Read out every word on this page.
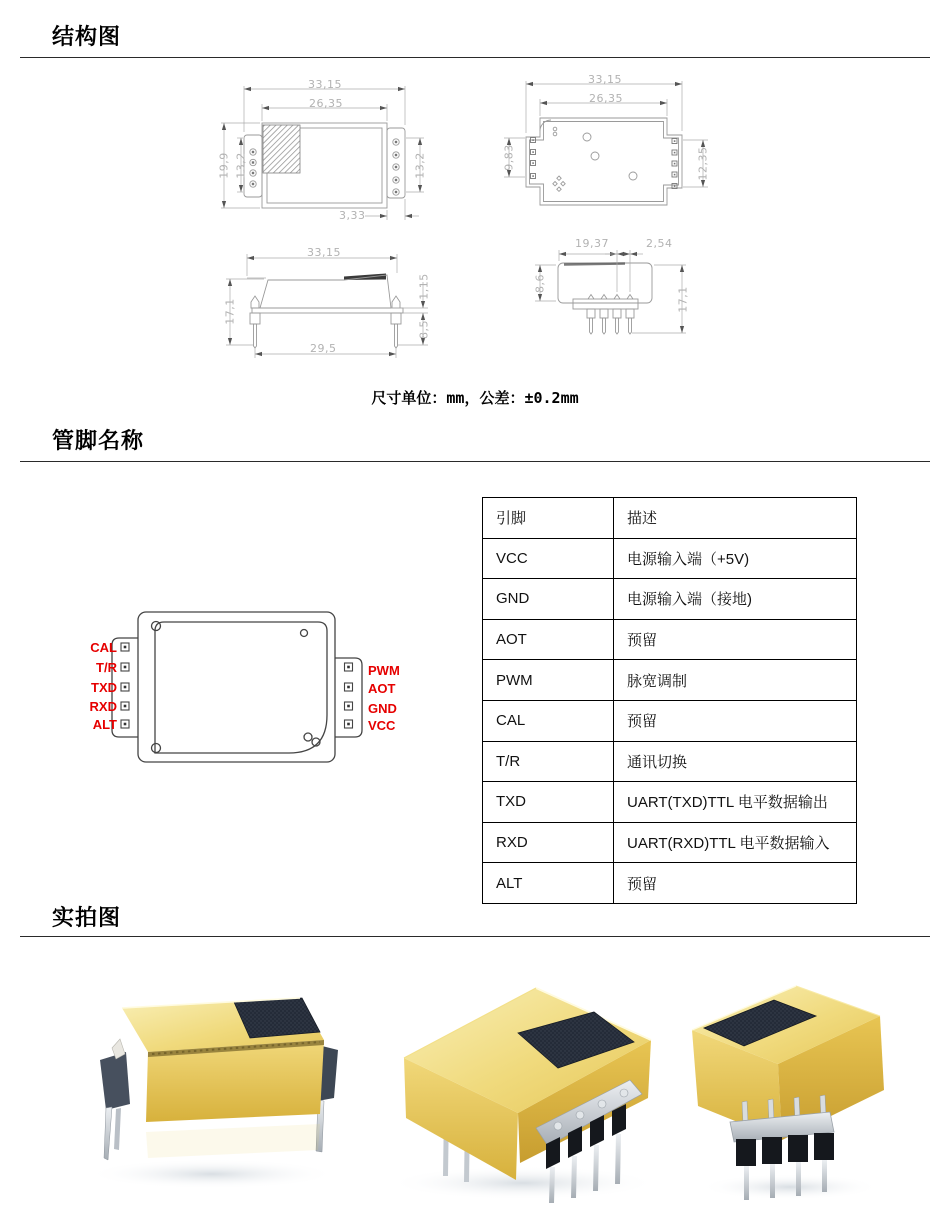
结构图
33,15
26,35
19,9 13,2	13,2
3,33
33,15
26,35
9,83	12,35
33,15
17,1
1,15
8,5
29,5
19,37	2,54
8,6
17,1
尺寸单位：mm，公差：±0.2mm
管脚名称
CAL
T/R
TXD
RXD
ALT
PWM
AOT
GND
VCC
引脚	描述
VCC	电源输入端（+5V)
GND	电源输入端（接地)
AOT	预留
PWM	脉宽调制
CAL	预留
T/R	通讯切换
TXD	UART(TXD)TTL 电平数据输出
RXD	UART(RXD)TTL 电平数据输入
ALT	预留
实拍图
